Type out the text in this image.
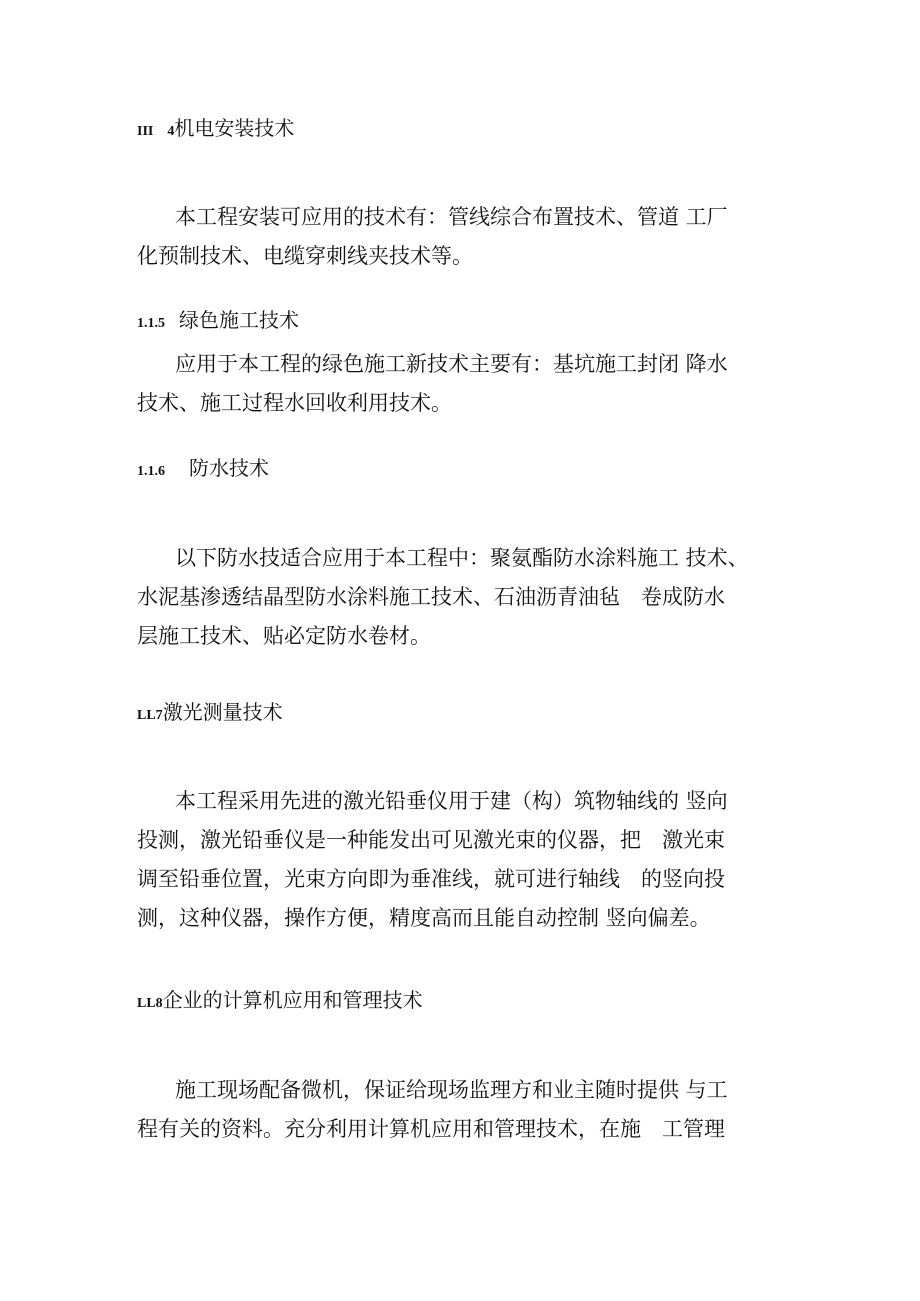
III　4机电安装技术
本工程安装可应用的技术有：管线综合布置技术、管道 工厂
化预制技术、电缆穿刺线夹技术等。
1.1.5 绿色施工技术
应用于本工程的绿色施工新技术主要有：基坑施工封闭 降水
技术、施工过程水回收利用技术。
1.1.6 防水技术
以下防水技适合应用于本工程中：聚氨酯防水涂料施工 技术、
水泥基渗透结晶型防水涂料施工技术、石油沥青油毡　卷成防水
层施工技术、贴必定防水卷材。
LL7激光测量技术
本工程采用先进的激光铅垂仪用于建（构）筑物轴线的 竖向
投测，激光铅垂仪是一种能发出可见激光束的仪器，把　激光束
调至铅垂位置，光束方向即为垂准线，就可进行轴线　的竖向投
测，这种仪器，操作方便，精度高而且能自动控制 竖向偏差。
LL8企业的计算机应用和管理技术
施工现场配备微机，保证给现场监理方和业主随时提供 与工
程有关的资料。充分利用计算机应用和管理技术，在施　工管理
